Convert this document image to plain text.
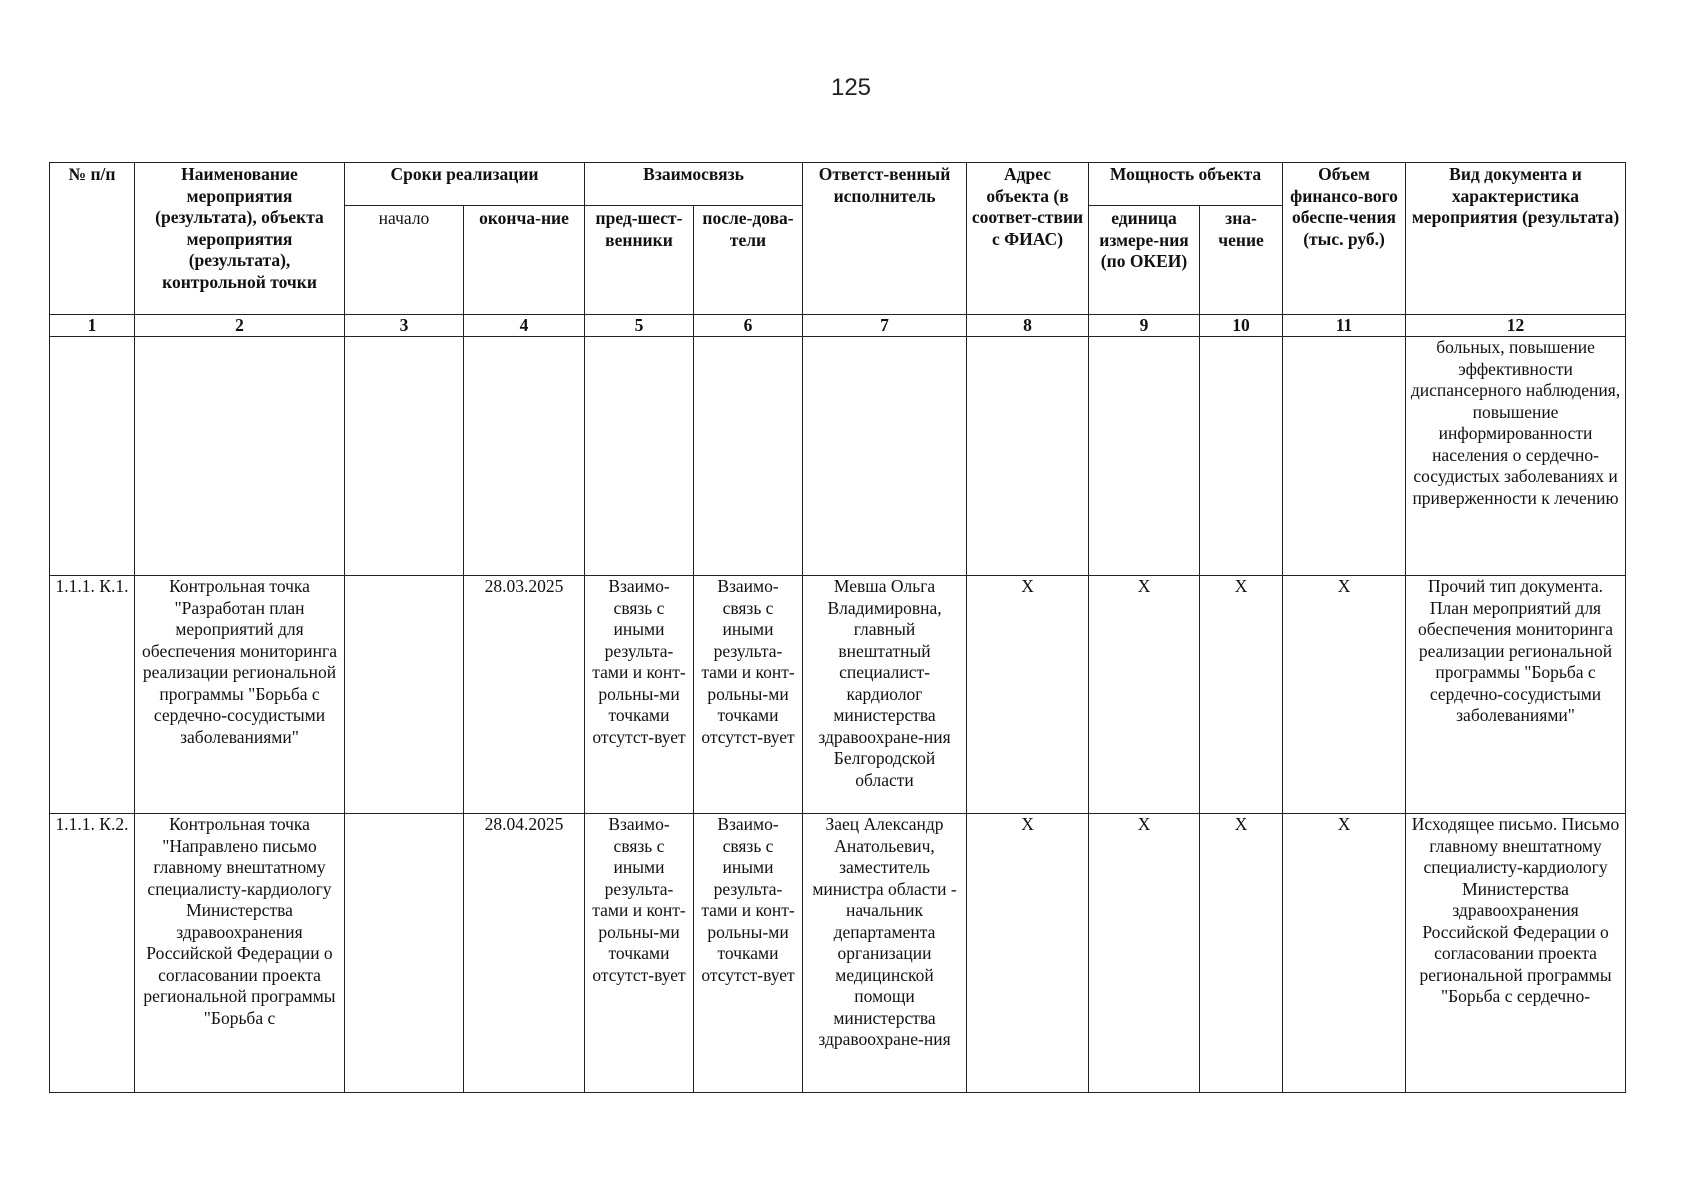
125
№ п/п	Наименование мероприятия (результата), объекта мероприятия (результата), контрольной точки	Сроки реализации		Взаимосвязь		Ответст-венный исполнитель	Адрес объекта (в соответ-ствии с ФИАС)	Мощность объекта		Объем финансо-вого обеспе-чения (тыс. руб.)	Вид документа и характеристика мероприятия (результата)
		начало	оконча-ние	пред-шест-венники	после-дова-тели			единица измере-ния (по ОКЕИ)	зна-чение		
1	2	3	4	5	6	7	8	9	10	11	12
											больных, повышение эффективности диспансерного наблюдения, повышение информированности населения о сердечно-сосудистых заболеваниях и приверженности к лечению
1.1.1. К.1.	Контрольная точка "Разработан план мероприятий для обеспечения мониторинга реализации региональной программы "Борьба с сердечно-сосудистыми заболеваниями"		28.03.2025	Взаимо-связь с иными результа-тами и конт-рольны-ми точками отсутст-вует	Взаимо-связь с иными результа-тами и конт-рольны-ми точками отсутст-вует	Мевша Ольга Владимировна, главный внештатный специалист-кардиолог министерства здравоохране-ния Белгородской области	X	X	X	X	Прочий тип документа. План мероприятий для обеспечения мониторинга реализации региональной программы "Борьба с сердечно-сосудистыми заболеваниями"
1.1.1. К.2.	Контрольная точка "Направлено письмо главному внештатному специалисту-кардиологу Министерства здравоохранения Российской Федерации о согласовании проекта региональной программы "Борьба с		28.04.2025	Взаимо-связь с иными результа-тами и конт-рольны-ми точками отсутст-вует	Взаимо-связь с иными результа-тами и конт-рольны-ми точками отсутст-вует	Заец Александр Анатольевич, заместитель министра области - начальник департамента организации медицинской помощи министерства здравоохране-ния	X	X	X	X	Исходящее письмо. Письмо главному внештатному специалисту-кардиологу Министерства здравоохранения Российской Федерации о согласовании проекта региональной программы "Борьба с сердечно-
